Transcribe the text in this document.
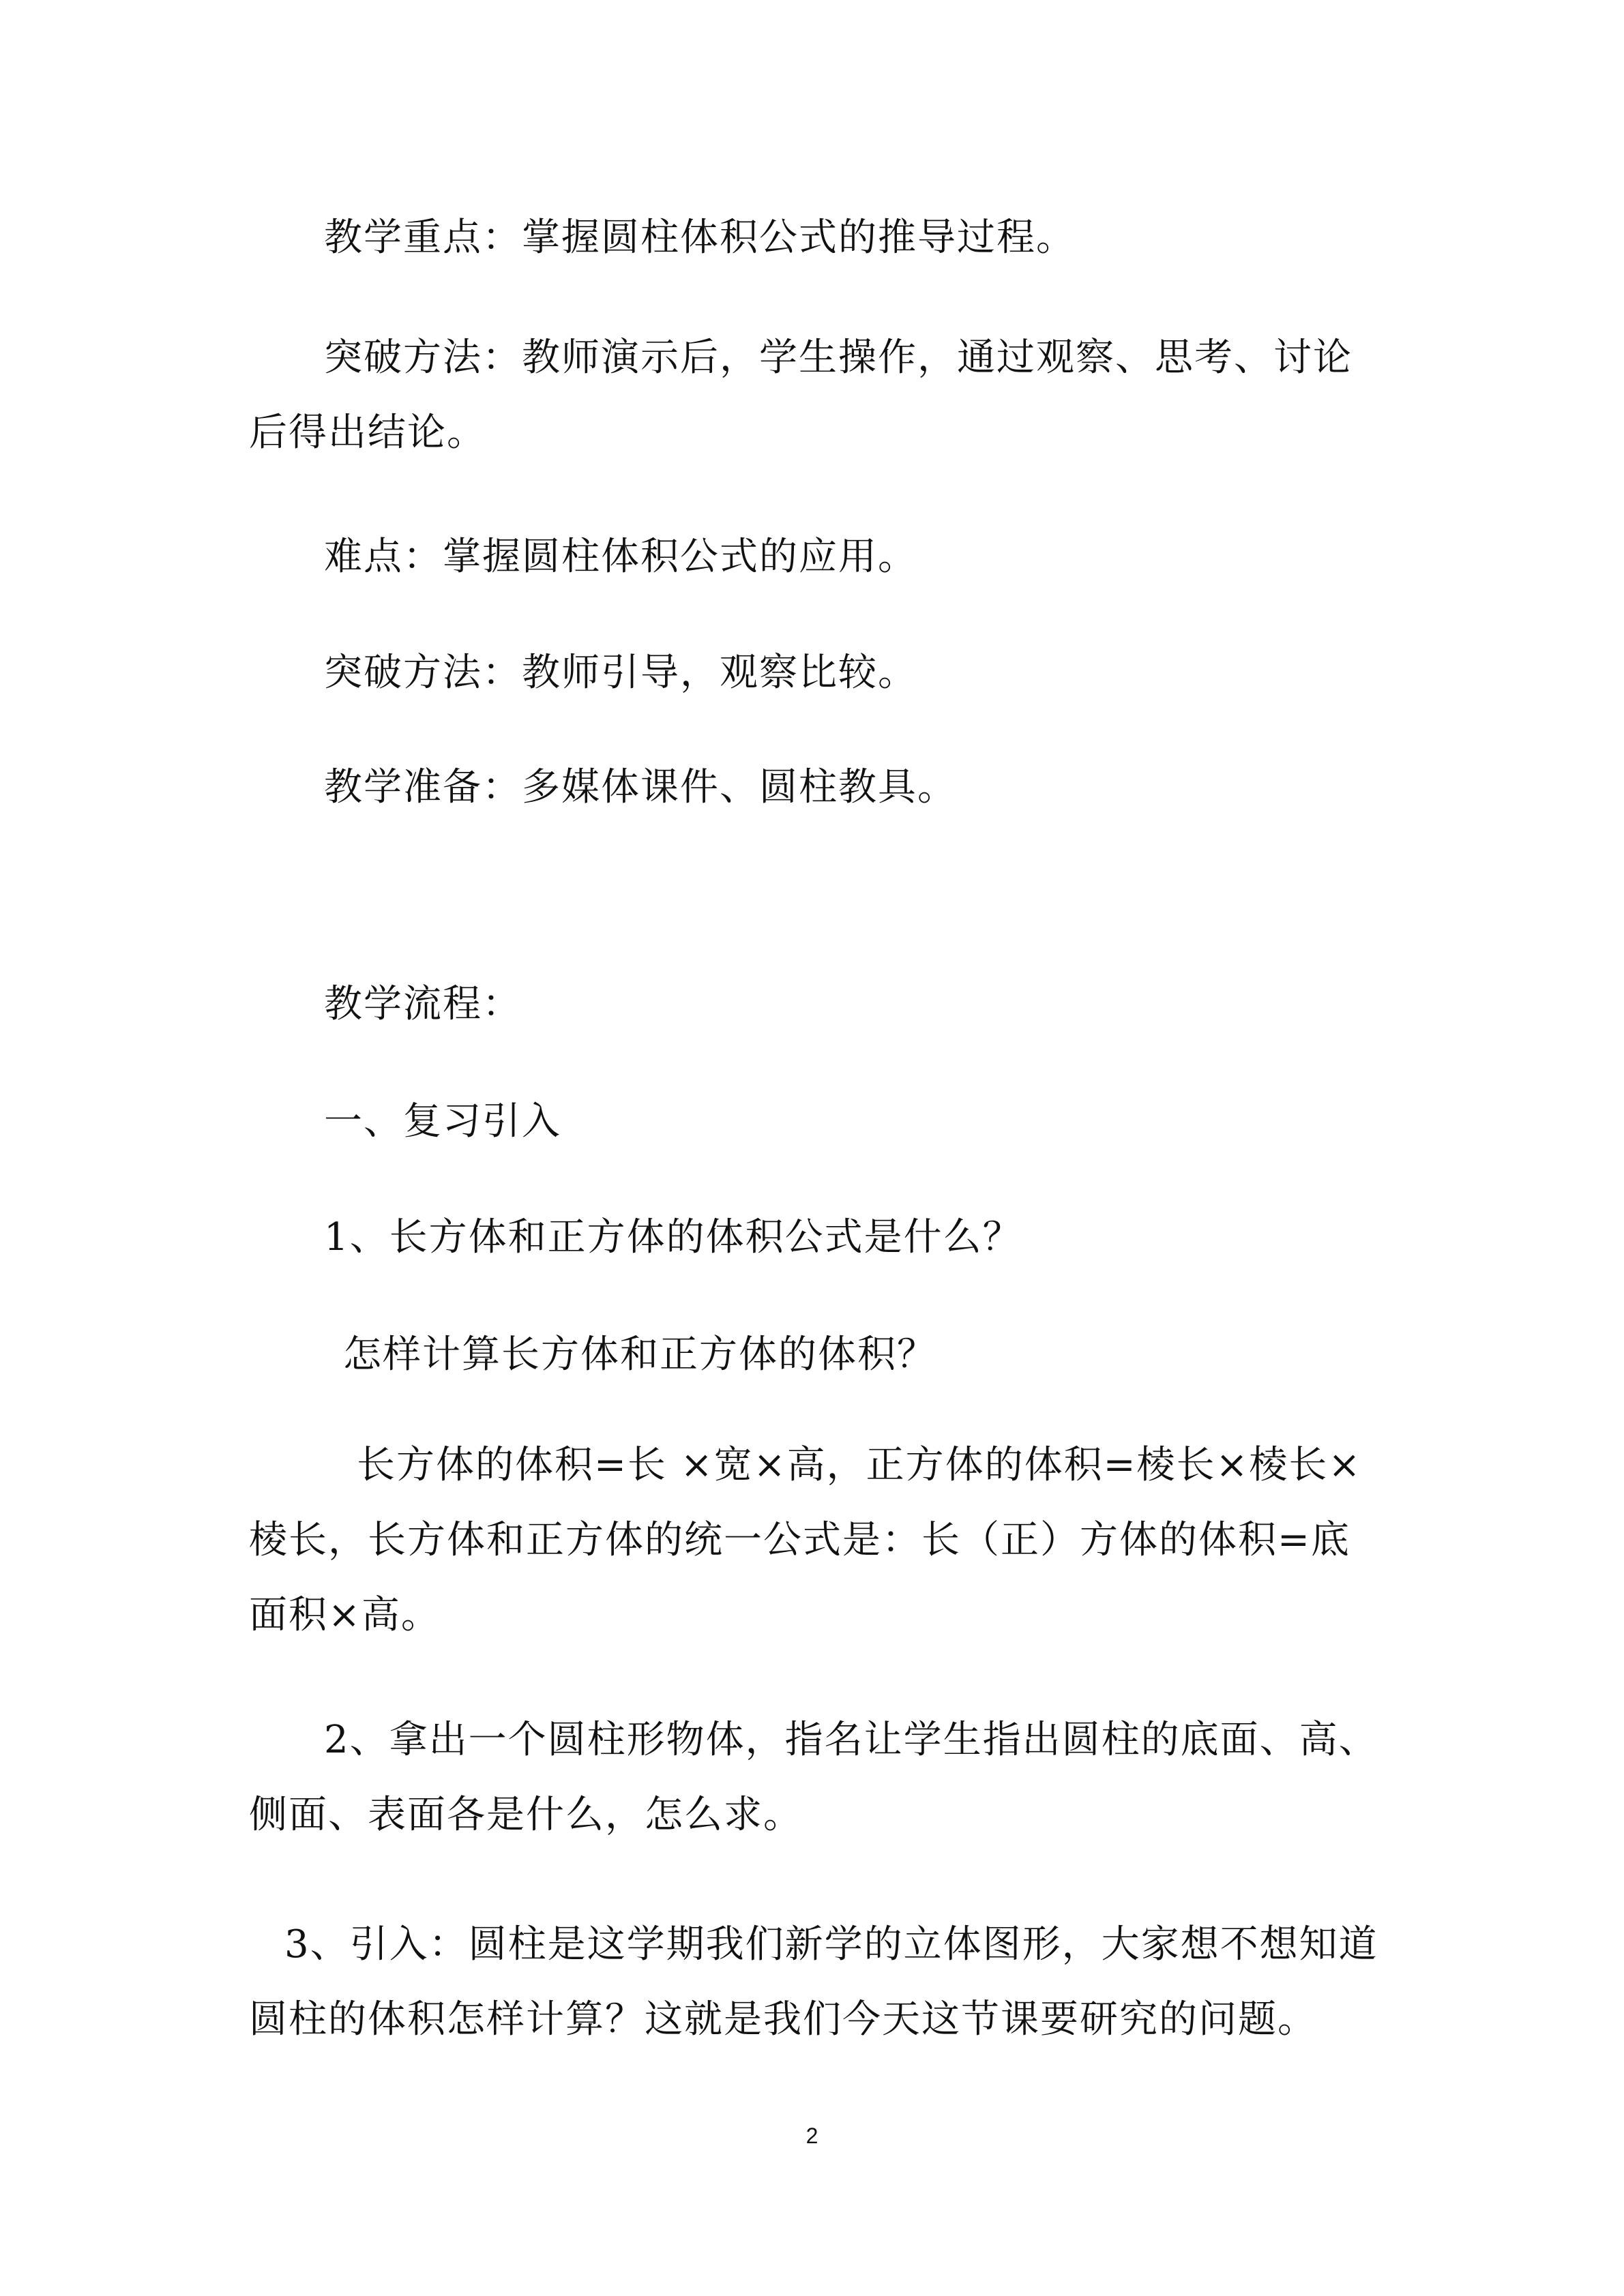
教学重点：掌握圆柱体积公式的推导过程。

突破方法：教师演示后，学生操作，通过观察、思考、讨论后得出结论。

难点：掌握圆柱体积公式的应用。

突破方法：教师引导，观察比较。

教学准备：多媒体课件、圆柱教具。

教学流程：

一、复习引入

1、长方体和正方体的体积公式是什么？

怎样计算长方体和正方体的体积？

长方体的体积=长 ×宽×高，正方体的体积=棱长×棱长×棱长，长方体和正方体的统一公式是：长（正）方体的体积=底面积×高。

2、拿出一个圆柱形物体，指名让学生指出圆柱的底面、高、侧面、表面各是什么，怎么求。

3、引入：圆柱是这学期我们新学的立体图形，大家想不想知道圆柱的体积怎样计算？这就是我们今天这节课要研究的问题。

2
